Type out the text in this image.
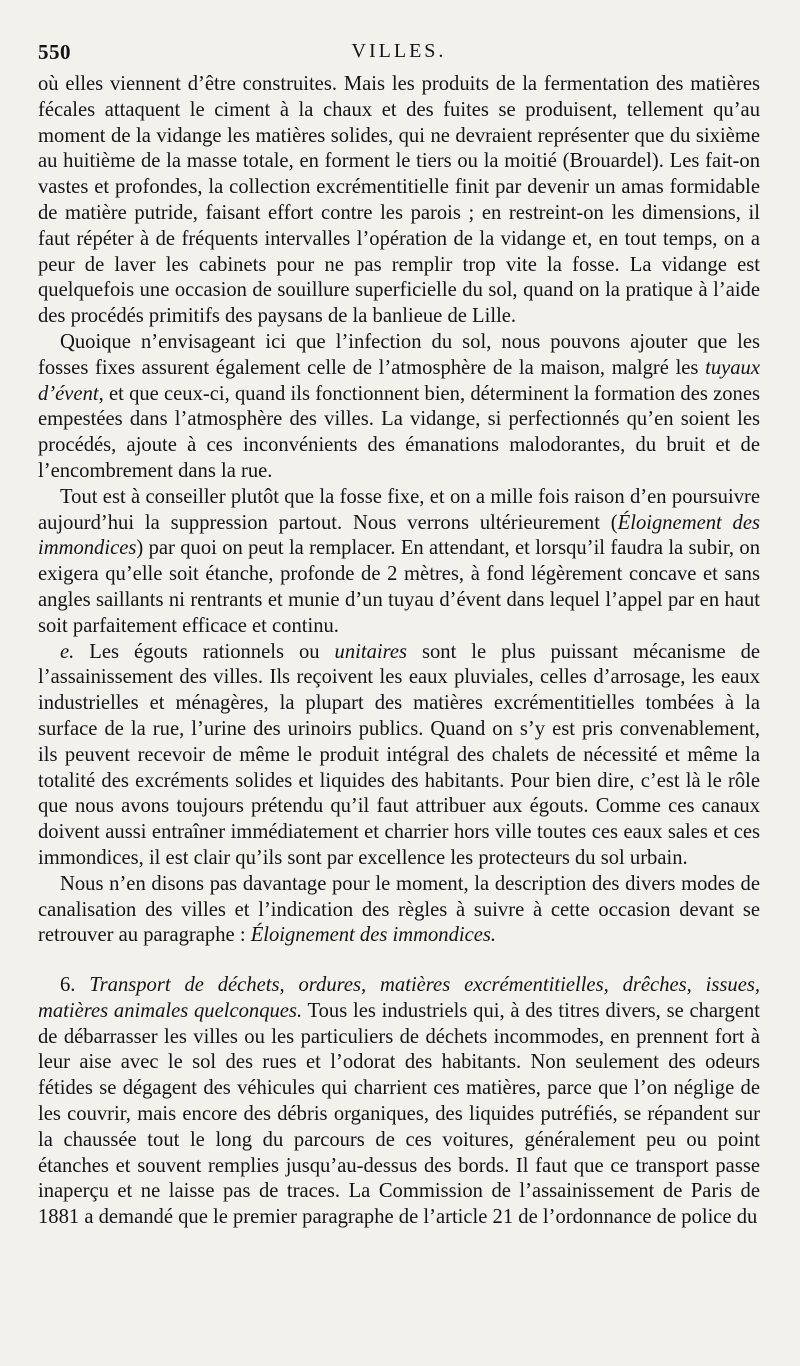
550	VILLES.

où elles viennent d’être construites. Mais les produits de la fermentation des matières fécales attaquent le ciment à la chaux et des fuites se produisent, tellement qu’au moment de la vidange les matières solides, qui ne devraient représenter que du sixième au huitième de la masse totale, en forment le tiers ou la moitié (Brouardel). Les fait-on vastes et profondes, la collection excrémentitielle finit par devenir un amas formidable de matière putride, faisant effort contre les parois ; en restreint-on les dimensions, il faut répéter à de fréquents intervalles l’opération de la vidange et, en tout temps, on a peur de laver les cabinets pour ne pas remplir trop vite la fosse. La vidange est quelquefois une occasion de souillure superficielle du sol, quand on la pratique à l’aide des procédés primitifs des paysans de la banlieue de Lille.

Quoique n’envisageant ici que l’infection du sol, nous pouvons ajouter que les fosses fixes assurent également celle de l’atmosphère de la maison, malgré les tuyaux d’évent, et que ceux-ci, quand ils fonctionnent bien, déterminent la formation des zones empestées dans l’atmosphère des villes. La vidange, si perfectionnés qu’en soient les procédés, ajoute à ces inconvénients des émanations malodorantes, du bruit et de l’encombrement dans la rue.

Tout est à conseiller plutôt que la fosse fixe, et on a mille fois raison d’en poursuivre aujourd’hui la suppression partout. Nous verrons ultérieurement (Éloignement des immondices) par quoi on peut la remplacer. En attendant, et lorsqu’il faudra la subir, on exigera qu’elle soit étanche, profonde de 2 mètres, à fond légèrement concave et sans angles saillants ni rentrants et munie d’un tuyau d’évent dans lequel l’appel par en haut soit parfaitement efficace et continu.

e. Les égouts rationnels ou unitaires sont le plus puissant mécanisme de l’assainissement des villes. Ils reçoivent les eaux pluviales, celles d’arrosage, les eaux industrielles et ménagères, la plupart des matières excrémentitielles tombées à la surface de la rue, l’urine des urinoirs publics. Quand on s’y est pris convenablement, ils peuvent recevoir de même le produit intégral des chalets de nécessité et même la totalité des excréments solides et liquides des habitants. Pour bien dire, c’est là le rôle que nous avons toujours prétendu qu’il faut attribuer aux égouts. Comme ces canaux doivent aussi entraîner immédiatement et charrier hors ville toutes ces eaux sales et ces immondices, il est clair qu’ils sont par excellence les protecteurs du sol urbain.

Nous n’en disons pas davantage pour le moment, la description des divers modes de canalisation des villes et l’indication des règles à suivre à cette occasion devant se retrouver au paragraphe : Éloignement des immondices.

6. Transport de déchets, ordures, matières excrémentitielles, drêches, issues, matières animales quelconques. Tous les industriels qui, à des titres divers, se chargent de débarrasser les villes ou les particuliers de déchets incommodes, en prennent fort à leur aise avec le sol des rues et l’odorat des habitants. Non seulement des odeurs fétides se dégagent des véhicules qui charrient ces matières, parce que l’on néglige de les couvrir, mais encore des débris organiques, des liquides putréfiés, se répandent sur la chaussée tout le long du parcours de ces voitures, généralement peu ou point étanches et souvent remplies jusqu’au-dessus des bords. Il faut que ce transport passe inaperçu et ne laisse pas de traces. La Commission de l’assainissement de Paris de 1881 a demandé que le premier paragraphe de l’article 21 de l’ordonnance de police du
